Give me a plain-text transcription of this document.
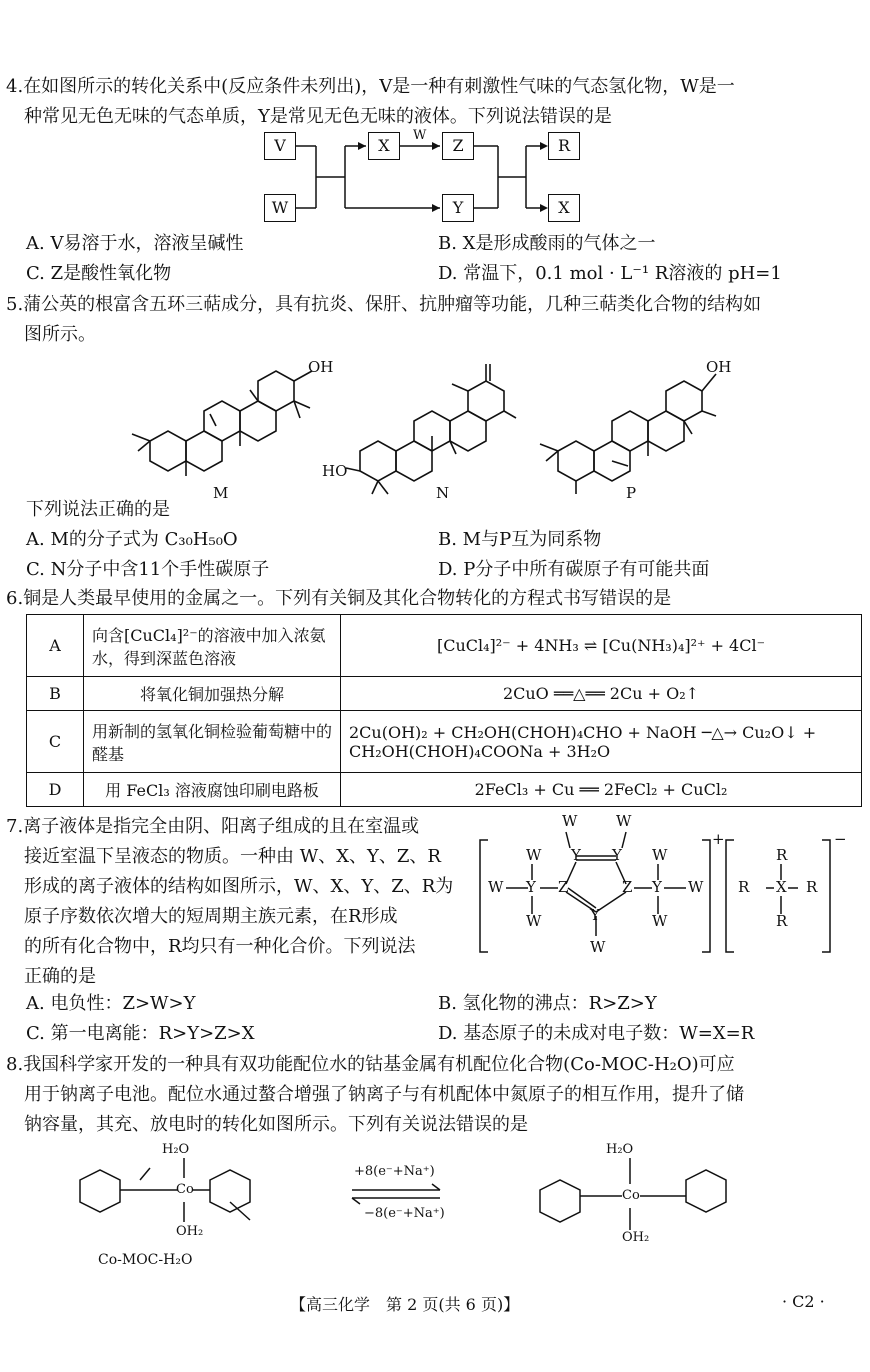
4.在如图所示的转化关系中(反应条件未列出)，V是一种有刺激性气味的气态氢化物，W是一
种常见无色无味的气态单质，Y是常见无色无味的液体。下列说法错误的是
V
W
X
W
Z
Y
R
X
A. V易溶于水，溶液呈碱性	B. X是形成酸雨的气体之一
C. Z是酸性氧化物	D. 常温下，0.1 mol · L⁻¹ R溶液的 pH=1
5.蒲公英的根富含五环三萜成分，具有抗炎、保肝、抗肿瘤等功能，几种三萜类化合物的结构如
图所示。
OH
HO
OH
M	N	P
下列说法正确的是
A. M的分子式为 C₃₀H₅₀O	B. M与P互为同系物
C. N分子中含11个手性碳原子	D. P分子中所有碳原子有可能共面
6.铜是人类最早使用的金属之一。下列有关铜及其化合物转化的方程式书写错误的是
A	向含[CuCl₄]²⁻的溶液中加入浓氨水，得到深蓝色溶液	[CuCl₄]²⁻ + 4NH₃ ⇌ [Cu(NH₃)₄]²⁺ + 4Cl⁻
B	将氧化铜加强热分解	2CuO ══△══ 2Cu + O₂↑
C	用新制的氢氧化铜检验葡萄糖中的醛基	2Cu(OH)₂ + CH₂OH(CHOH)₄CHO + NaOH ─△→ Cu₂O↓ + CH₂OH(CHOH)₄COONa + 3H₂O
D	用 FeCl₃ 溶液腐蚀印刷电路板	2FeCl₃ + Cu ══ 2FeCl₂ + CuCl₂
7.离子液体是指完全由阴、阳离子组成的且在室温或
接近室温下呈液态的物质。一种由 W、X、Y、Z、R
形成的离子液体的结构如图所示，W、X、Y、Z、R为
原子序数依次增大的短周期主族元素，在R形成
的所有化合物中，R均只有一种化合价。下列说法
正确的是
W	W
Y Y
Z	Z
Y
W
Y	Y
W	W
W
W
W
W
+
R X R
R
R
−
A. 电负性：Z>W>Y	B. 氢化物的沸点：R>Z>Y
C. 第一电离能：R>Y>Z>X	D. 基态原子的未成对电子数：W=X=R
8.我国科学家开发的一种具有双功能配位水的钴基金属有机配位化合物(Co-MOC-H₂O)可应
用于钠离子电池。配位水通过螯合增强了钠离子与有机配体中氮原子的相互作用，提升了储
钠容量，其充、放电时的转化如图所示。下列有关说法错误的是
H₂O
Co
OH₂
Co-MOC-H₂O
+8(e⁻+Na⁺)
−8(e⁻+Na⁺)
H₂O
Co
OH₂
【高三化学　第 2 页(共 6 页)】	· C2 ·
